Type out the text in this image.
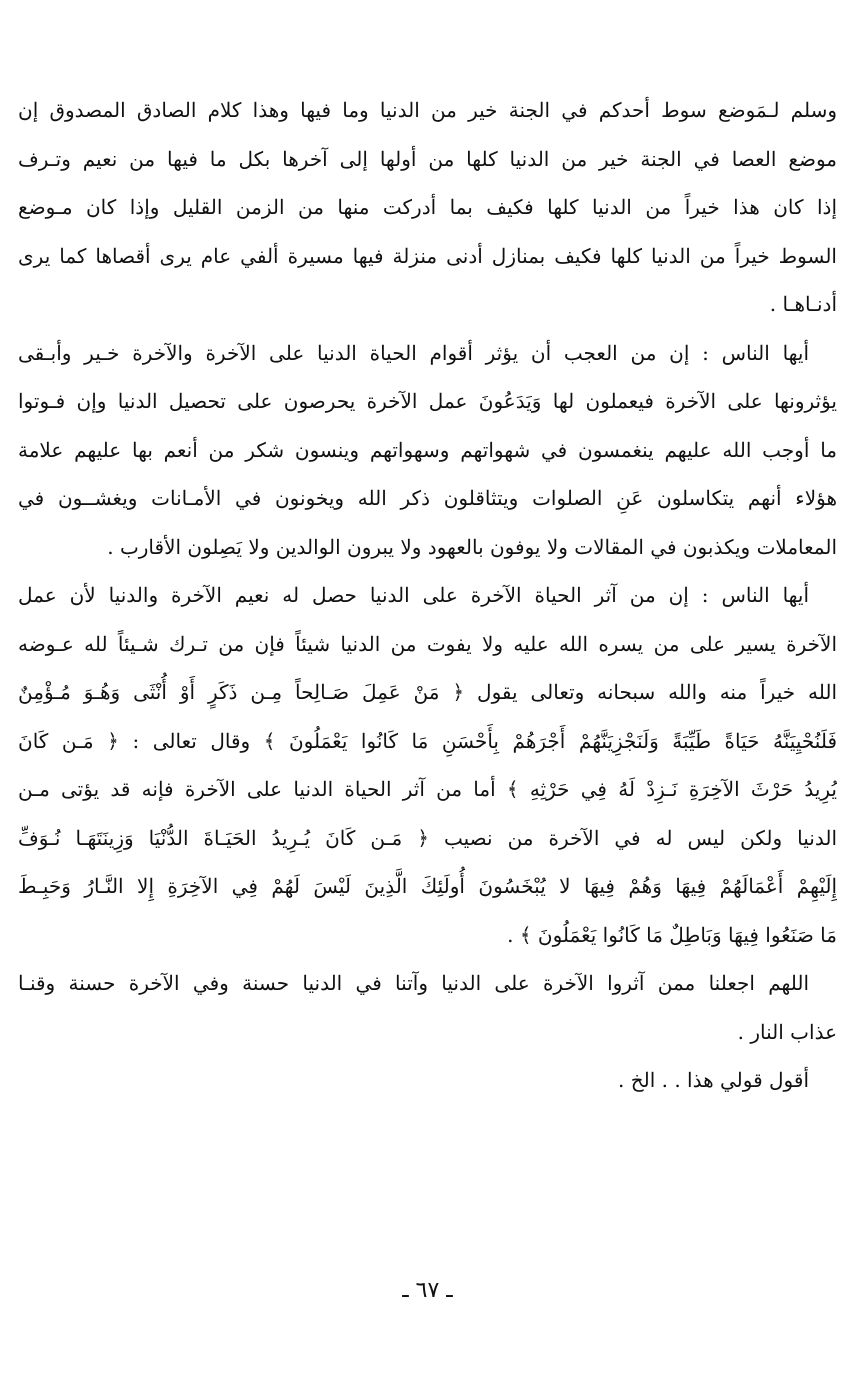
وسلم لـمَوضع سوط أحدكم في الجنة خير من الدنيا وما فيها وهذا كلام الصادق المصدوق إن
موضع العصا في الجنة خير من الدنيا كلها من أولها إلى آخرها بكل ما فيها من نعيم وتـرف
إذا كان هذا خيراً من الدنيا كلها فكيف بما أدركت منها من الزمن القليل وإذا كان مـوضع
السوط خيراً من الدنيا كلها فكيف بمنازل أدنى منزلة فيها مسيرة ألفي عام يرى أقصاها كما يرى
أدنـاهـا .
أيها الناس : إن من العجب أن يؤثر أقوام الحياة الدنيا على الآخرة والآخرة خـير وأبـقى
يؤثرونها على الآخرة فيعملون لها وَيَدَعُونَ عمل الآخرة يحرصون على تحصيل الدنيا وإن فـوتوا
ما أوجب الله عليهم ينغمسون في شهواتهم وسهواتهم وينسون شكر من أنعم بها عليهم علامة
هؤلاء أنهم يتكاسلون عَنِ الصلوات ويتثاقلون ذكر الله ويخونون في الأمـانات ويغشــون في
المعاملات ويكذبون في المقالات ولا يوفون بالعهود ولا يبرون الوالدين ولا يَصِلون الأقارب .
أيها الناس : إن من آثر الحياة الآخرة على الدنيا حصل له نعيم الآخرة والدنيا لأن عمل
الآخرة يسير على من يسره الله عليه ولا يفوت من الدنيا شيئاً فإن من تـرك شـيئاً لله عـوضه
الله خيراً منه والله سبحانه وتعالى يقول ﴿ مَنْ عَمِلَ صَـالِحاً مِـن ذَكَرٍ أَوْ أُنْثَى وَهُـوَ مُـؤْمِنٌ
فَلَنُحْيِيَنَّهُ حَيَاةً طَيِّبَةً وَلَنَجْزِيَنَّهُمْ أَجْرَهُمْ بِأَحْسَنِ مَا كَانُوا يَعْمَلُونَ ﴾ وقال تعالى : ﴿ مَـن كَانَ
يُرِيدُ حَرْثَ الآخِرَةِ نَـزِدْ لَهُ فِي حَرْثِهِ ﴾ أما من آثر الحياة الدنيا على الآخرة فإنه قد يؤتى مـن
الدنيا ولكن ليس له في الآخرة من نصيب ﴿ مَـن كَانَ يُـرِيدُ الحَيَـاةَ الدُّنْيَا وَزِينَتَهَـا نُـوَفِّ
إِلَيْهِمْ أَعْمَالَهُمْ فِيهَا وَهُمْ فِيهَا لا يُبْخَسُونَ أُولَئِكَ الَّذِينَ لَيْسَ لَهُمْ فِي الآخِرَةِ إِلا النَّـارُ وَحَبِـطَ
مَا صَنَعُوا فِيهَا وَبَاطِلٌ مَا كَانُوا يَعْمَلُونَ ﴾ .
اللهم اجعلنا ممن آثروا الآخرة على الدنيا وآتنا في الدنيا حسنة وفي الآخرة حسنة وقنـا
عذاب النار .
أقول قولي هذا . . الخ .
ـ ٦٧ ـ
